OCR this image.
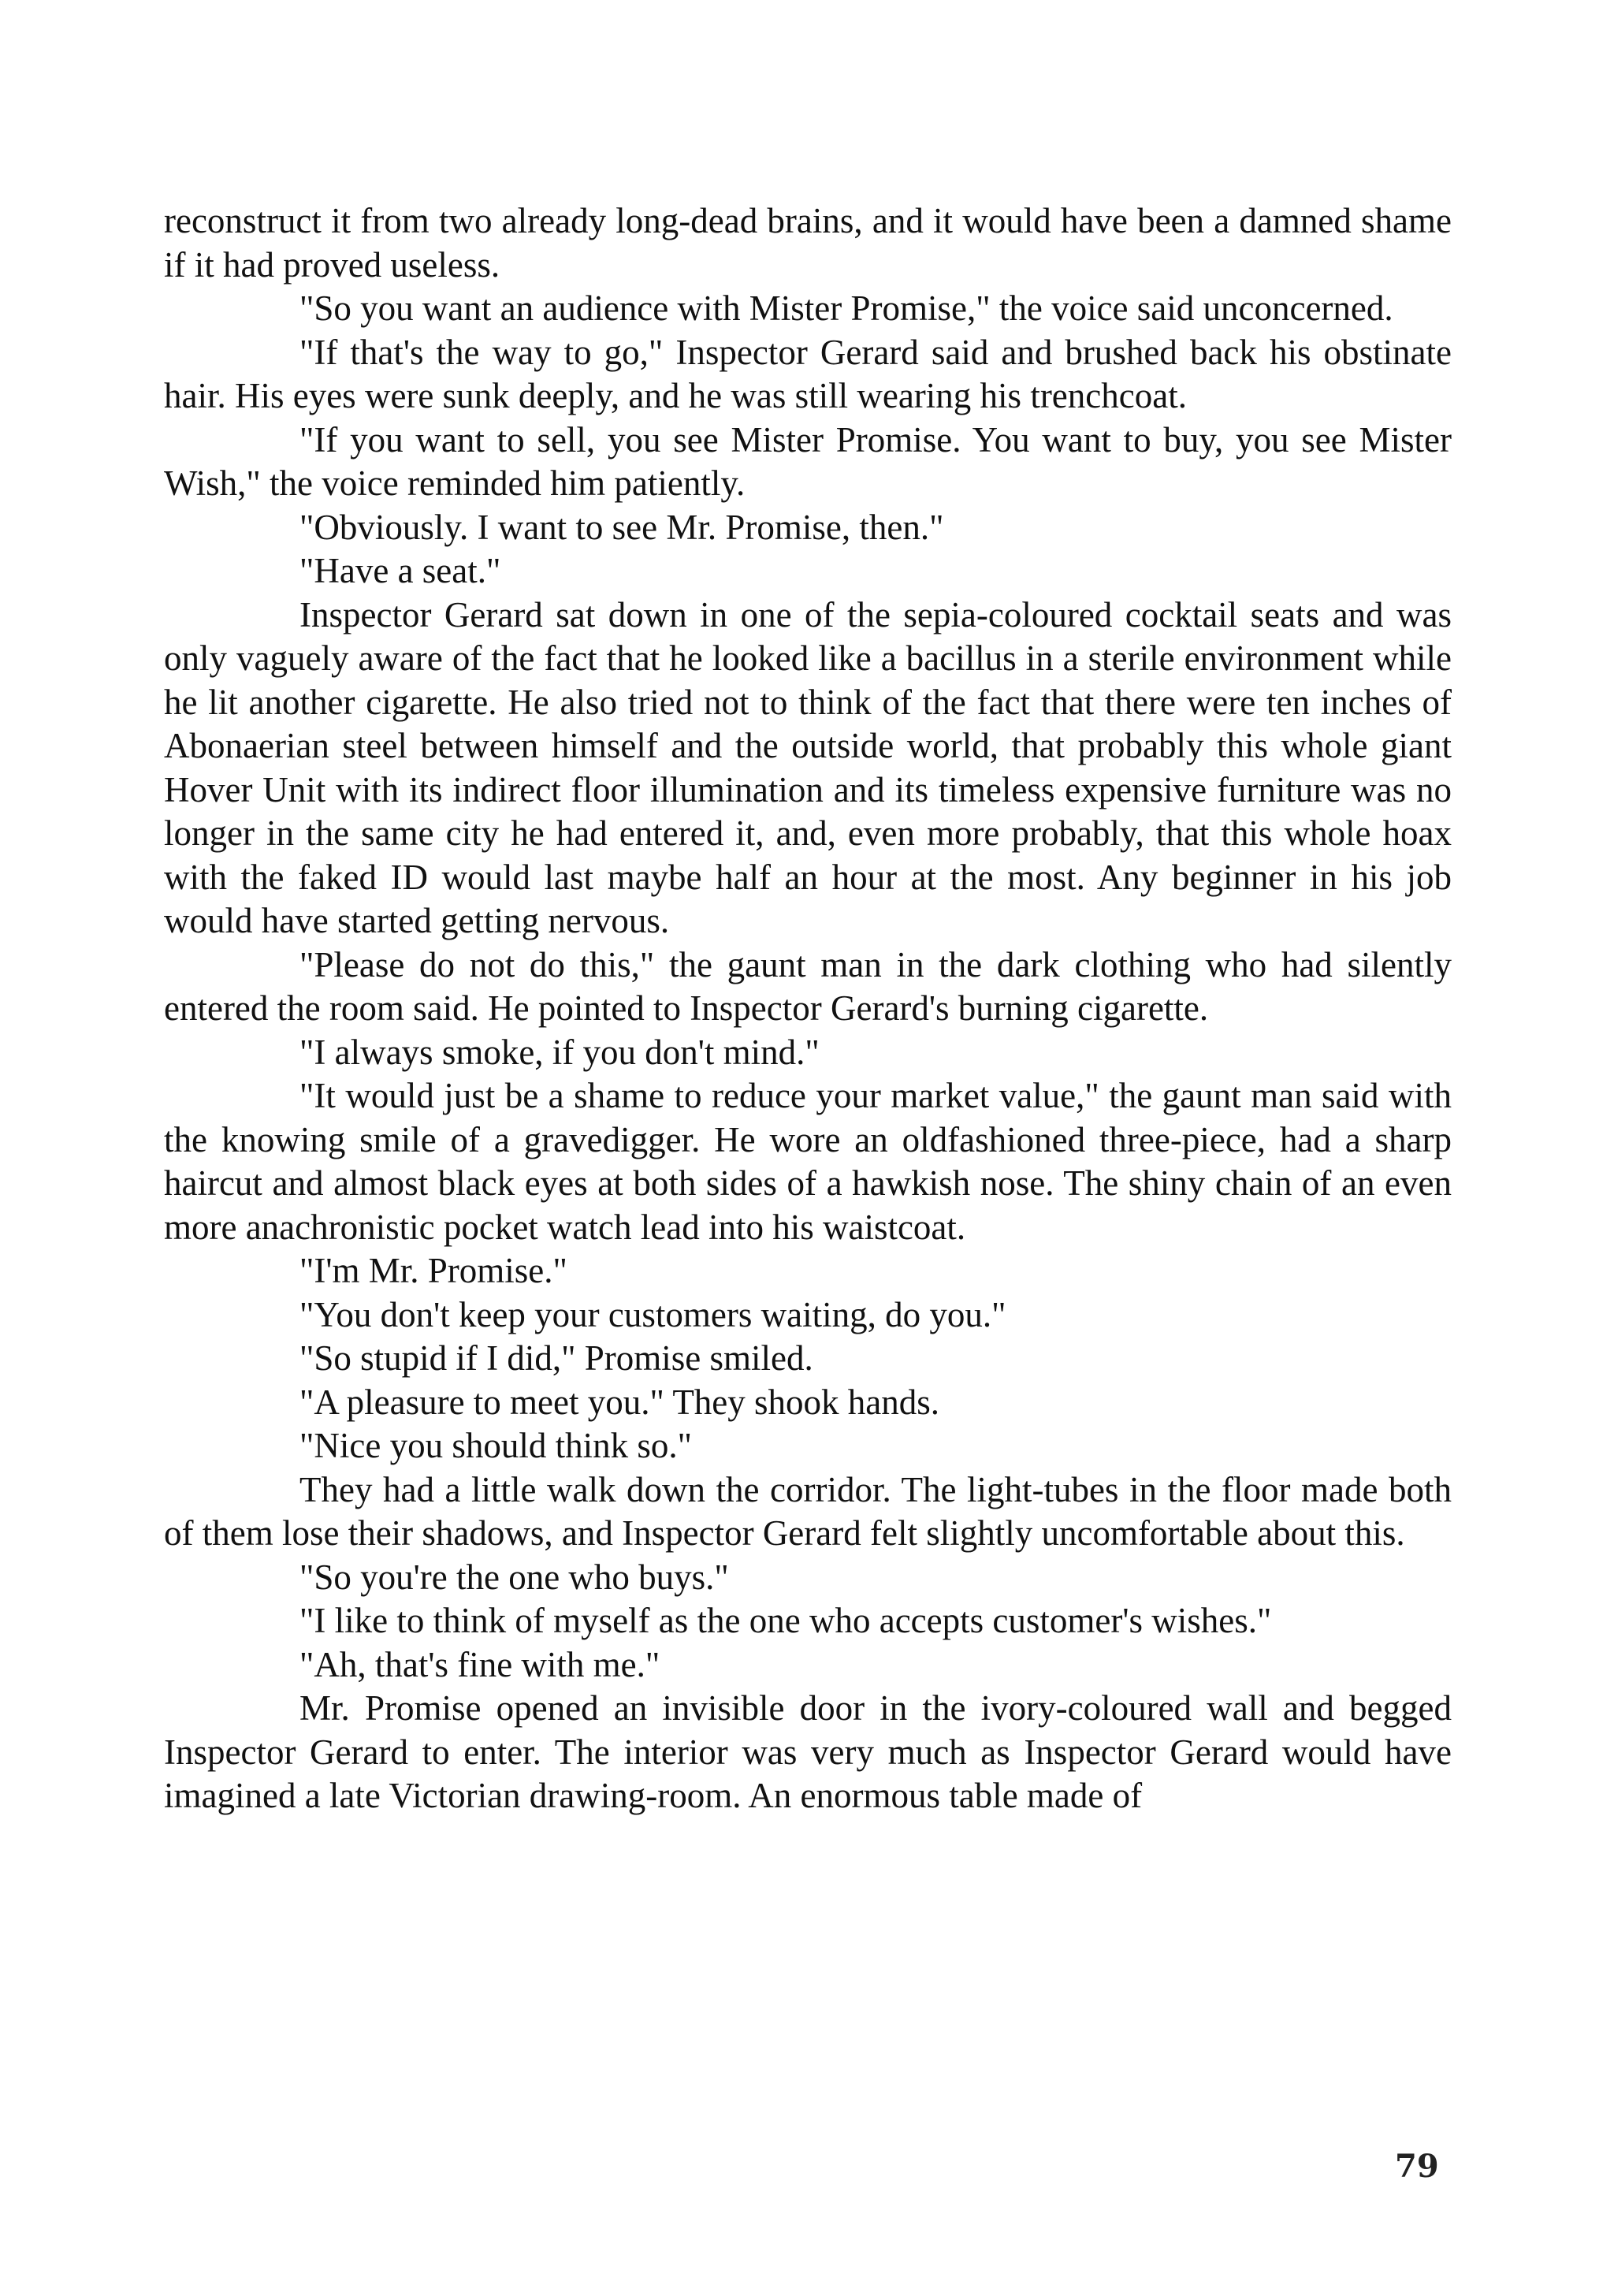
reconstruct it from two already long-dead brains, and it would have been a damned shame if it had proved useless.

"So you want an audience with Mister Promise," the voice said unconcerned.

"If that's the way to go," Inspector Gerard said and brushed back his obstinate hair. His eyes were sunk deeply, and he was still wearing his trenchcoat.

"If you want to sell, you see Mister Promise. You want to buy, you see Mister Wish," the voice reminded him patiently.

"Obviously. I want to see Mr. Promise, then."

"Have a seat."

Inspector Gerard sat down in one of the sepia-coloured cocktail seats and was only vaguely aware of the fact that he looked like a bacillus in a sterile environment while he lit another cigarette. He also tried not to think of the fact that there were ten inches of Abonaerian steel between himself and the outside world, that probably this whole giant Hover Unit with its indirect floor illumination and its timeless expensive furniture was no longer in the same city he had entered it, and, even more probably, that this whole hoax with the faked ID would last maybe half an hour at the most. Any beginner in his job would have started getting nervous.

"Please do not do this," the gaunt man in the dark clothing who had silently entered the room said. He pointed to Inspector Gerard's burning cigarette.

"I always smoke, if you don't mind."

"It would just be a shame to reduce your market value," the gaunt man said with the knowing smile of a gravedigger. He wore an oldfashioned three-piece, had a sharp haircut and almost black eyes at both sides of a hawkish nose. The shiny chain of an even more anachronistic pocket watch lead into his waistcoat.

"I'm Mr. Promise."

"You don't keep your customers waiting, do you."

"So stupid if I did," Promise smiled.

"A pleasure to meet you." They shook hands.

"Nice you should think so."

They had a little walk down the corridor. The light-tubes in the floor made both of them lose their shadows, and Inspector Gerard felt slightly uncomfortable about this.

"So you're the one who buys."

"I like to think of myself as the one who accepts customer's wishes."

"Ah, that's fine with me."

Mr. Promise opened an invisible door in the ivory-coloured wall and begged Inspector Gerard to enter. The interior was very much as Inspector Gerard would have imagined a late Victorian drawing-room. An enormous table made of

79
